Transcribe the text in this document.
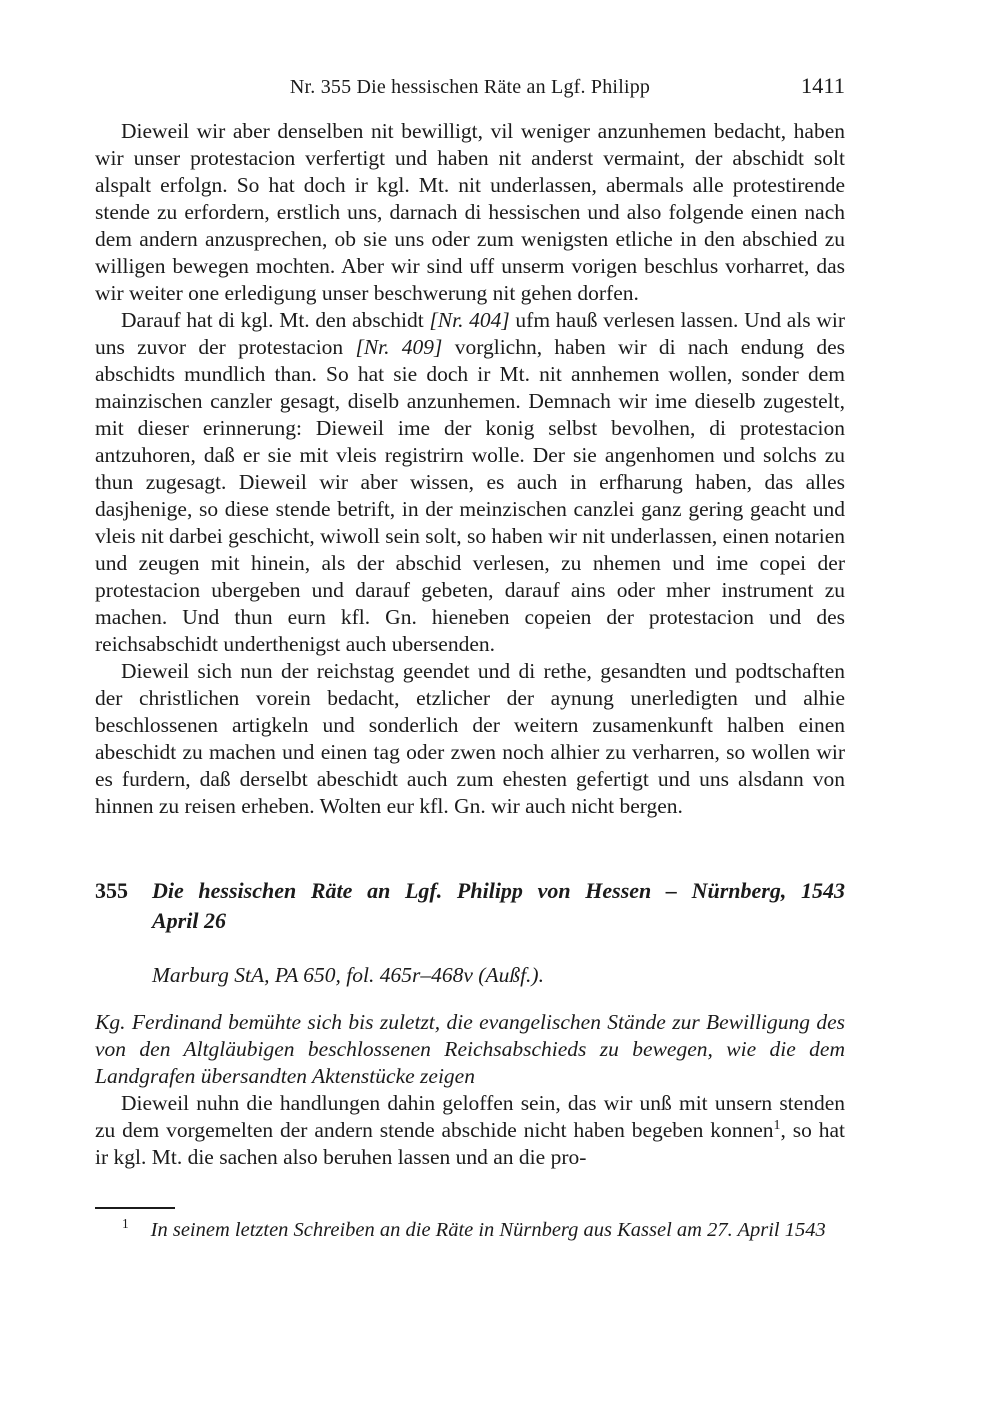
Nr. 355 Die hessischen Räte an Lgf. Philipp	1411

Dieweil wir aber denselben nit bewilligt, vil weniger anzunhemen bedacht, haben wir unser protestacion verfertigt und haben nit anderst vermaint, der abschidt solt alspalt erfolgn. So hat doch ir kgl. Mt. nit underlassen, abermals alle protestirende stende zu erfordern, erstlich uns, darnach di hessischen und also folgende einen nach dem andern anzusprechen, ob sie uns oder zum wenigsten etliche in den abschied zu willigen bewegen mochten. Aber wir sind uff unserm vorigen beschlus vorharret, das wir weiter one erledigung unser beschwerung nit gehen dorfen.

Darauf hat di kgl. Mt. den abschidt [Nr. 404] ufm hauß verlesen lassen. Und als wir uns zuvor der protestacion [Nr. 409] vorglichn, haben wir di nach endung des abschidts mundlich than. So hat sie doch ir Mt. nit annhemen wollen, sonder dem mainzischen canzler gesagt, diselb anzunhemen. Demnach wir ime dieselb zugestelt, mit dieser erinnerung: Dieweil ime der konig selbst bevolhen, di protestacion antzuhoren, daß er sie mit vleis registrirn wolle. Der sie angenhomen und solchs zu thun zugesagt. Dieweil wir aber wissen, es auch in erfharung haben, das alles dasjhenige, so diese stende betrift, in der meinzischen canzlei ganz gering geacht und vleis nit darbei geschicht, wiwoll sein solt, so haben wir nit underlassen, einen notarien und zeugen mit hinein, als der abschid verlesen, zu nhemen und ime copei der protestacion ubergeben und darauf gebeten, darauf ains oder mher instrument zu machen. Und thun eurn kfl. Gn. hieneben copeien der protestacion und des reichsabschidt underthenigst auch ubersenden.

Dieweil sich nun der reichstag geendet und di rethe, gesandten und podtschaften der christlichen vorein bedacht, etzlicher der aynung unerledigten und alhie beschlossenen artigkeln und sonderlich der weitern zusamenkunft halben einen abeschidt zu machen und einen tag oder zwen noch alhier zu verharren, so wollen wir es furdern, daß derselbt abeschidt auch zum ehesten gefertigt und uns alsdann von hinnen zu reisen erheben. Wolten eur kfl. Gn. wir auch nicht bergen.

355	Die hessischen Räte an Lgf. Philipp von Hessen – Nürnberg, 1543
April 26

Marburg StA, PA 650, fol. 465r–468v (Außf.).

Kg. Ferdinand bemühte sich bis zuletzt, die evangelischen Stände zur Bewilligung des von den Altgläubigen beschlossenen Reichsabschieds zu bewegen, wie die dem Landgrafen übersandten Aktenstücke zeigen

Dieweil nuhn die handlungen dahin geloffen sein, das wir unß mit unsern stenden zu dem vorgemelten der andern stende abschide nicht haben begeben konnen$^1$, so hat ir kgl. Mt. die sachen also beruhen lassen und an die pro-

$^1$ In seinem letzten Schreiben an die Räte in Nürnberg aus Kassel am 27. April 1543
